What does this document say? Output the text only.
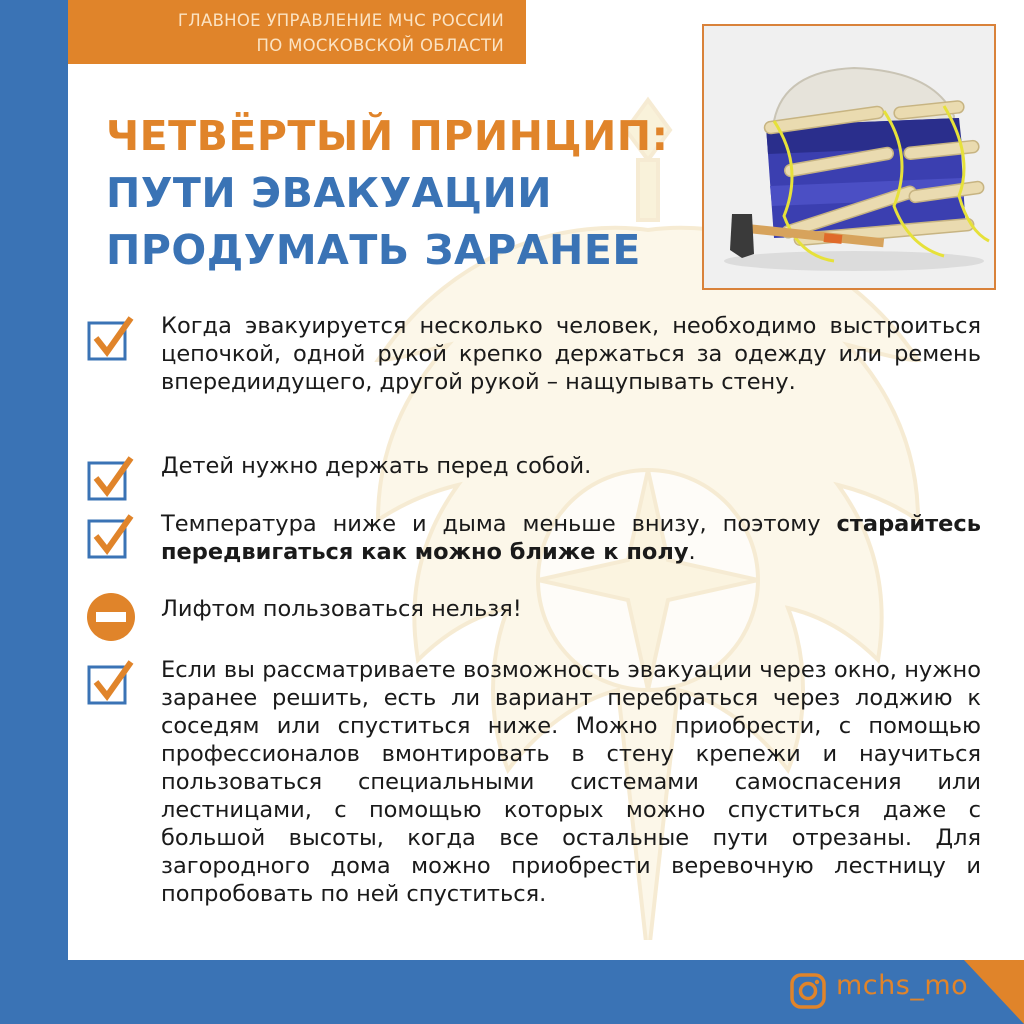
ГЛАВНОЕ УПРАВЛЕНИЕ МЧС РОССИИ
ПО МОСКОВСКОЙ ОБЛАСТИ
ЧЕТВЁРТЫЙ ПРИНЦИП:
ПУТИ ЭВАКУАЦИИ
ПРОДУМАТЬ ЗАРАНЕЕ
Когда эвакуируется несколько человек, необходимо выстроиться цепочкой, одной рукой крепко держаться за одежду или ремень впередиидущего, другой рукой – нащупывать стену.
Детей нужно держать перед собой.
Температура ниже и дыма меньше внизу, поэтому старайтесь передвигаться как можно ближе к полу.
Лифтом пользоваться нельзя!
Если вы рассматриваете возможность эвакуации через окно, нужно заранее решить, есть ли вариант перебраться через лоджию к соседям или спуститься ниже. Можно приобрести, с помощью профессионалов вмонтировать в стену крепежи и научиться пользоваться специальными системами самоспасения или лестницами, с помощью которых можно спуститься даже с большой высоты, когда все остальные пути отрезаны. Для загородного дома можно приобрести веревочную лестницу и попробовать по ней спуститься.
mchs_mo
